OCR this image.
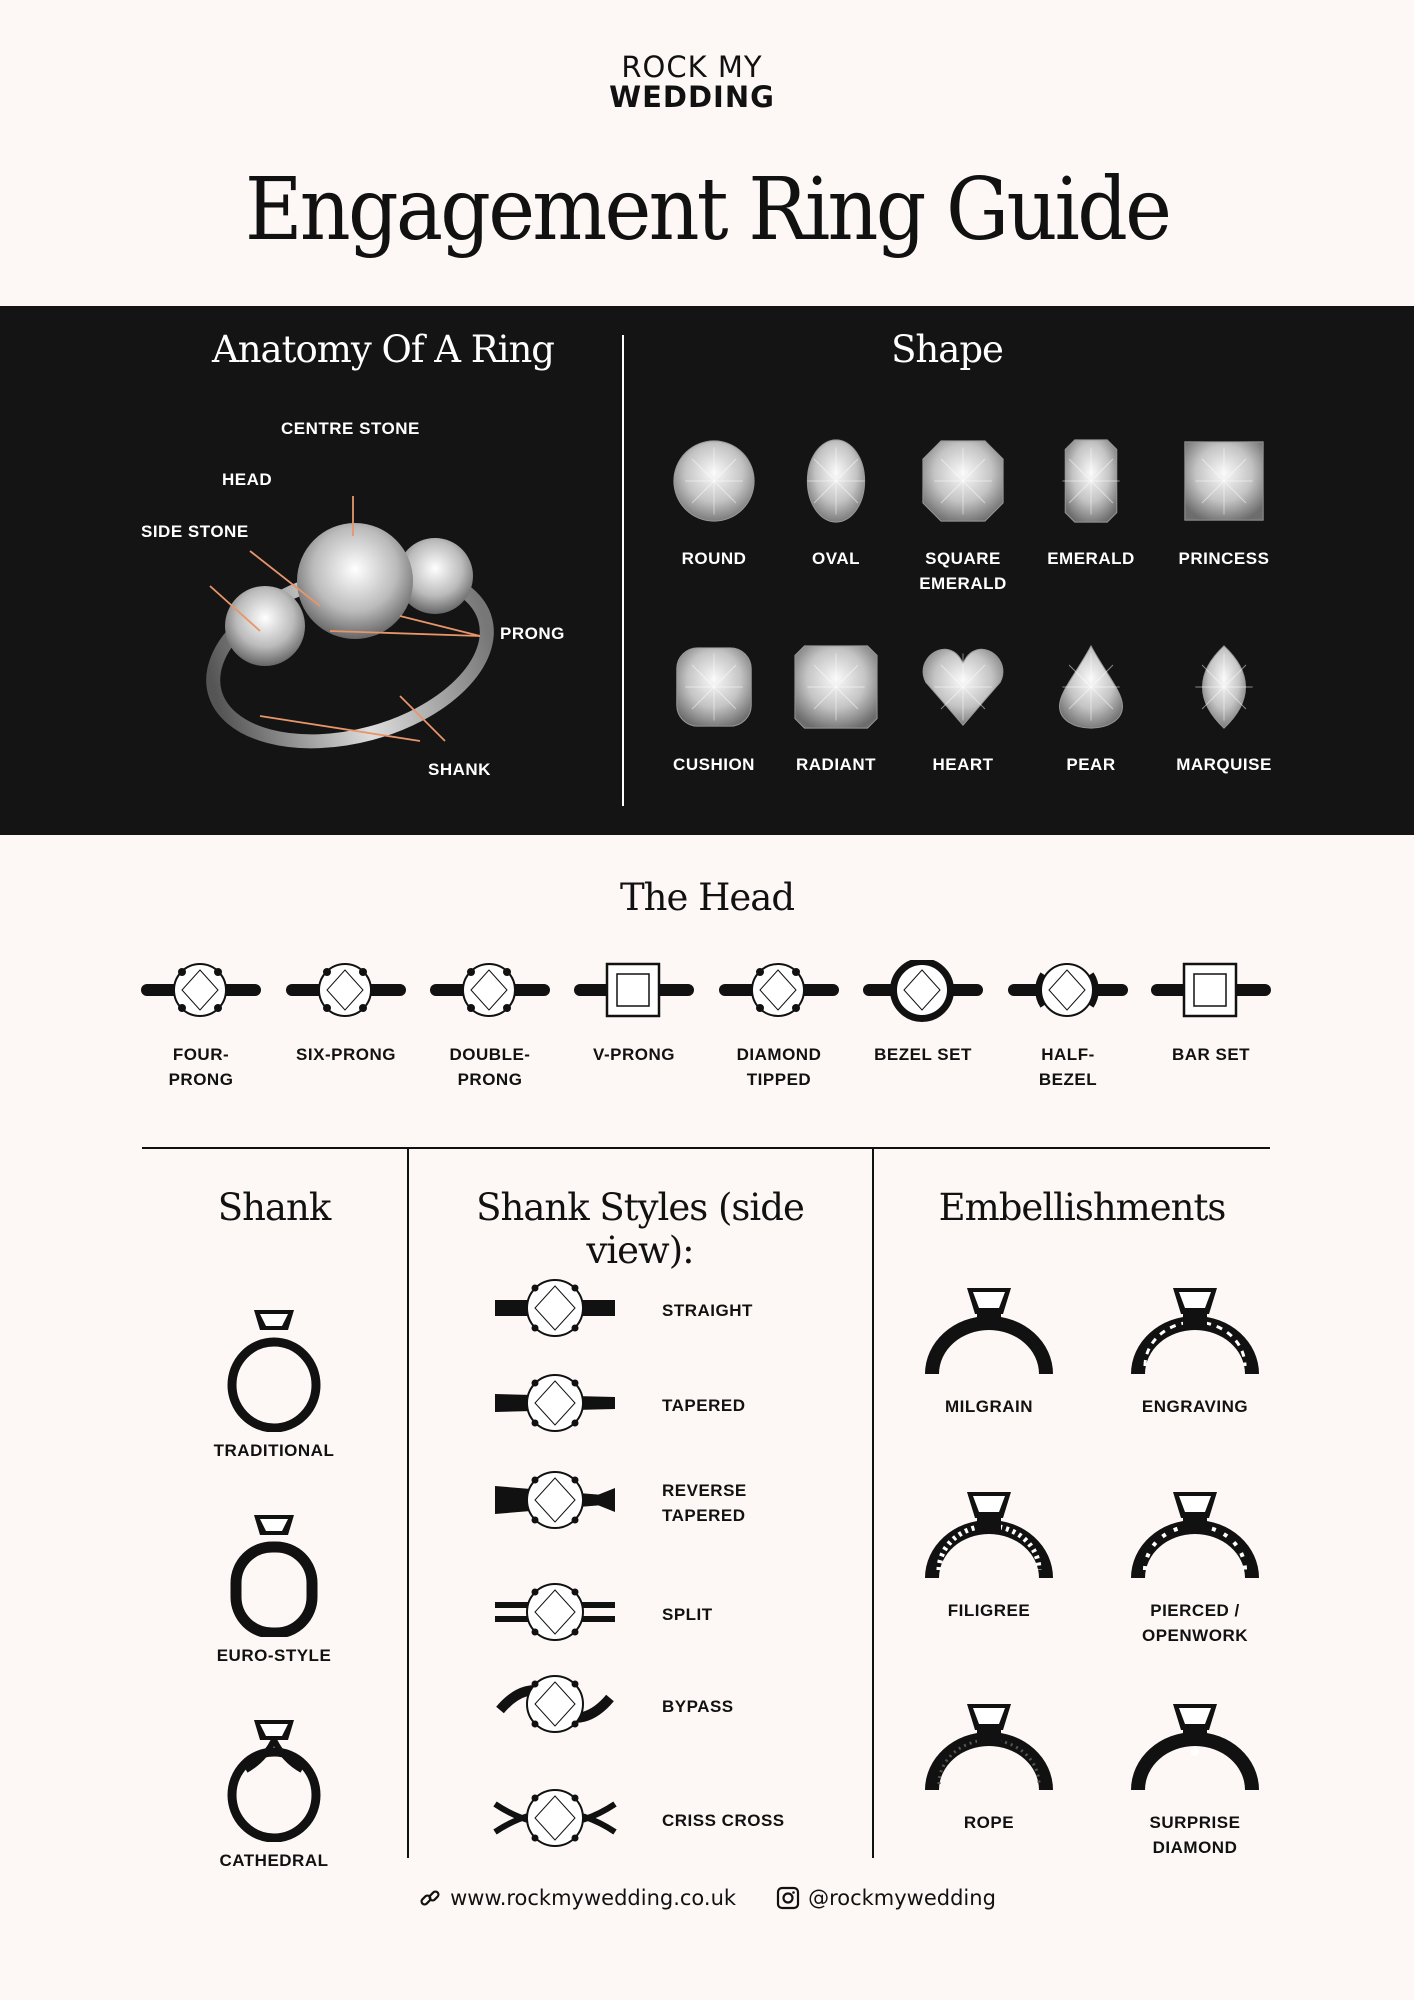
ROCK MY
WEDDING
Engagement Ring Guide
Anatomy Of A Ring	Shape
CENTRE STONE
HEAD
SIDE STONE
PRONG
SHANK
ROUND	OVAL	SQUARE EMERALD
EMERALD	PRINCESS
CUSHION	RADIANT	HEART	PEAR	MARQUISE
The Head
Shank	Shank Styles (side view):
Embellishments
www.rockmywedding.co.uk	@rockmywedding
FOUR-PRONG
SIX-PRONG	DOUBLE-PRONG
V-PRONG	DIAMOND TIPPED
BEZEL SET	HALF-BEZEL
BAR SET
TRADITIONAL
EURO-STYLE
CATHEDRAL
STRAIGHT
TAPERED
REVERSE TAPERED
SPLIT
BYPASS
CRISS CROSS
MILGRAIN	ENGRAVING
FILIGREE	PIERCED / OPENWORK
ROPE	SURPRISE DIAMOND
